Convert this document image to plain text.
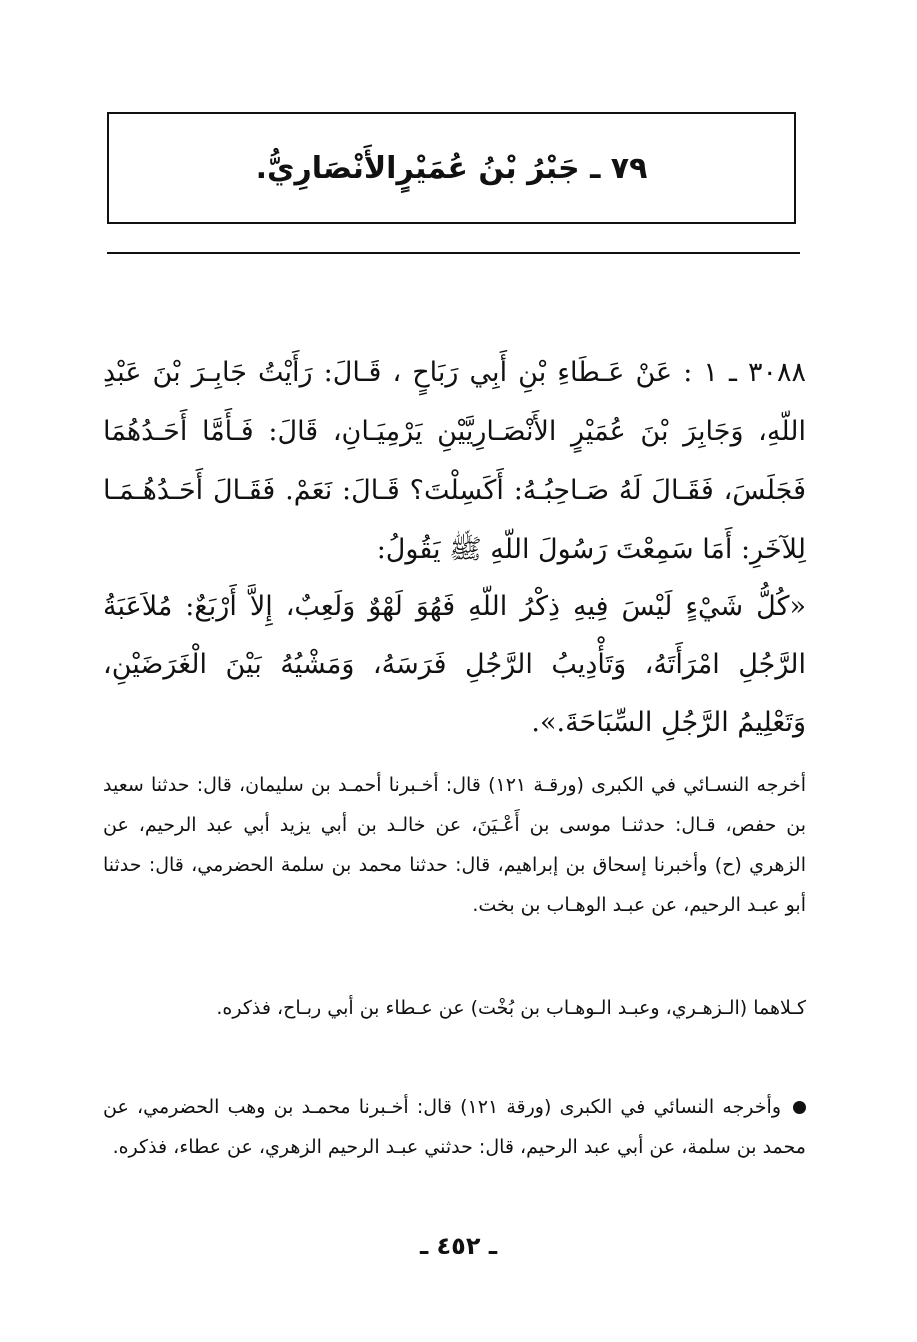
٧٩ ـ جَبْرُ بْنُ عُمَيْرٍالأَنْصَارِيُّ.

٣٠٨٨ ـ ١ : عَنْ عَـطَاءِ بْنِ أَبِي رَبَاحٍ ، قَـالَ: رَأَيْتُ جَابِـرَ بْنَ عَبْدِ اللّهِ، وَجَابِرَ بْنَ عُمَيْرٍ الأَنْصَـارِيَّيْنِ يَرْمِيَـانِ، قَالَ: فَـأَمَّا أَحَـدُهُمَا فَجَلَسَ، فَقَـالَ لَهُ صَـاحِبُـهُ: أَكَسِلْتَ؟ قَـالَ: نَعَمْ. فَقَـالَ أَحَـدُهُـمَـا لِلآخَرِ: أَمَا سَمِعْتَ رَسُولَ اللّهِ ﷺ يَقُولُ:

«كُلُّ شَيْءٍ لَيْسَ فِيهِ ذِكْرُ اللّهِ فَهُوَ لَهْوٌ وَلَعِبٌ، إِلاَّ أَرْبَعٌ: مُلاَعَبَةُ الرَّجُلِ امْرَأَتَهُ، وَتَأْدِيبُ الرَّجُلِ فَرَسَهُ، وَمَشْيُهُ بَيْنَ الْغَرَضَيْنِ، وَتَعْلِيمُ الرَّجُلِ السِّبَاحَةَ.».

أخرجه النسـائي في الكبرى (ورقـة ١٢١) قال: أخـبرنا أحمـد بن سليمان، قال: حدثنا سعيد بن حفص، قـال: حدثنـا موسى بن أَعْـيَنَ، عن خالـد بن أبي يزيد أبي عبد الرحيم، عن الزهري (ح) وأخبرنا إسحاق بن إبراهيم، قال: حدثنا محمد بن سلمة الحضرمي، قال: حدثنا أبو عبـد الرحيم، عن عبـد الوهـاب بن بخت.

كـلاهما (الـزهـري، وعبـد الـوهـاب بن بُخْت) عن عـطاء بن أبي ربـاح، فذكره.

وأخرجه النسائي في الكبرى (ورقة ١٢١) قال: أخـبرنا محمـد بن وهب الحضرمي، عن محمد بن سلمة، عن أبي عبد الرحيم، قال: حدثني عبـد الرحيم الزهري، عن عطاء، فذكره.

ـ ٤٥٢ ـ
